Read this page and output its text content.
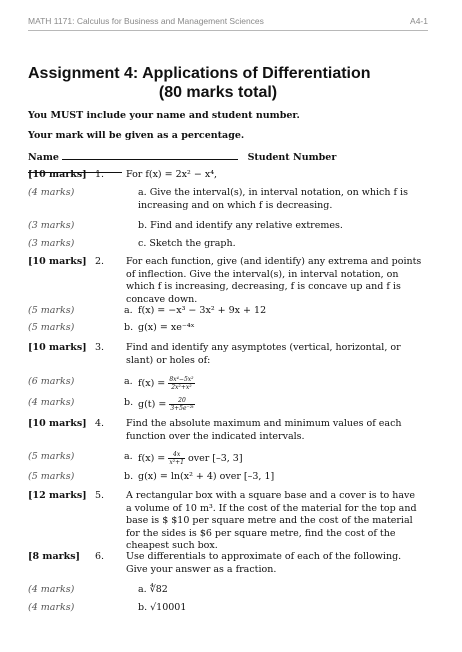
MATH 1171: Calculus for Business and Management Sciences	A4-1
Assignment 4: Applications of Differentiation
(80 marks total)
You MUST include your name and student number.
Your mark will be given as a percentage.
Name	Student Number
[10 marks] 1. For f(x) = 2x² − x⁴,
(4 marks)	a. Give the interval(s), in interval notation, on which f is increasing and on which f is decreasing.
(3 marks)	b. Find and identify any relative extremes.
(3 marks)	c. Sketch the graph.
[10 marks] 2. For each function, give (and identify) any extrema and points of inflection. Give the interval(s), in interval notation, on which f is increasing, decreasing, f is concave up and f is concave down.
(5 marks)	a. f(x) = −x³ − 3x² + 9x + 12
(5 marks)	b. g(x) = xe⁻⁴ˣ
[10 marks] 3. Find and identify any asymptotes (vertical, horizontal, or slant) or holes of:
(6 marks)	a. $f(x) = \frac{\text{8x⁴−5x²}}{\text{2x²+x²}}$
(4 marks)	b. $g(t) = \frac{20}{\text{3+5e⁻²ᵗ}}$
[10 marks] 4. Find the absolute maximum and minimum values of each function over the indicated intervals.
(5 marks)	a. $f(x) = \frac{4x}{\text{x²+1}}$ over [–3, 3]
(5 marks)	b. g(x) = ln(x² + 4) over [–3, 1]
[12 marks] 5. A rectangular box with a square base and a cover is to have a volume of 10 m³. If the cost of the material for the top and base is $ $10 per square metre and the cost of the material for the sides is $6 per square metre, find the cost of the cheapest such box.
[8 marks]	6. Use differentials to approximate of each of the following. Give your answer as a fraction.
(4 marks)	a. ∜82
(4 marks)	b. √10001
